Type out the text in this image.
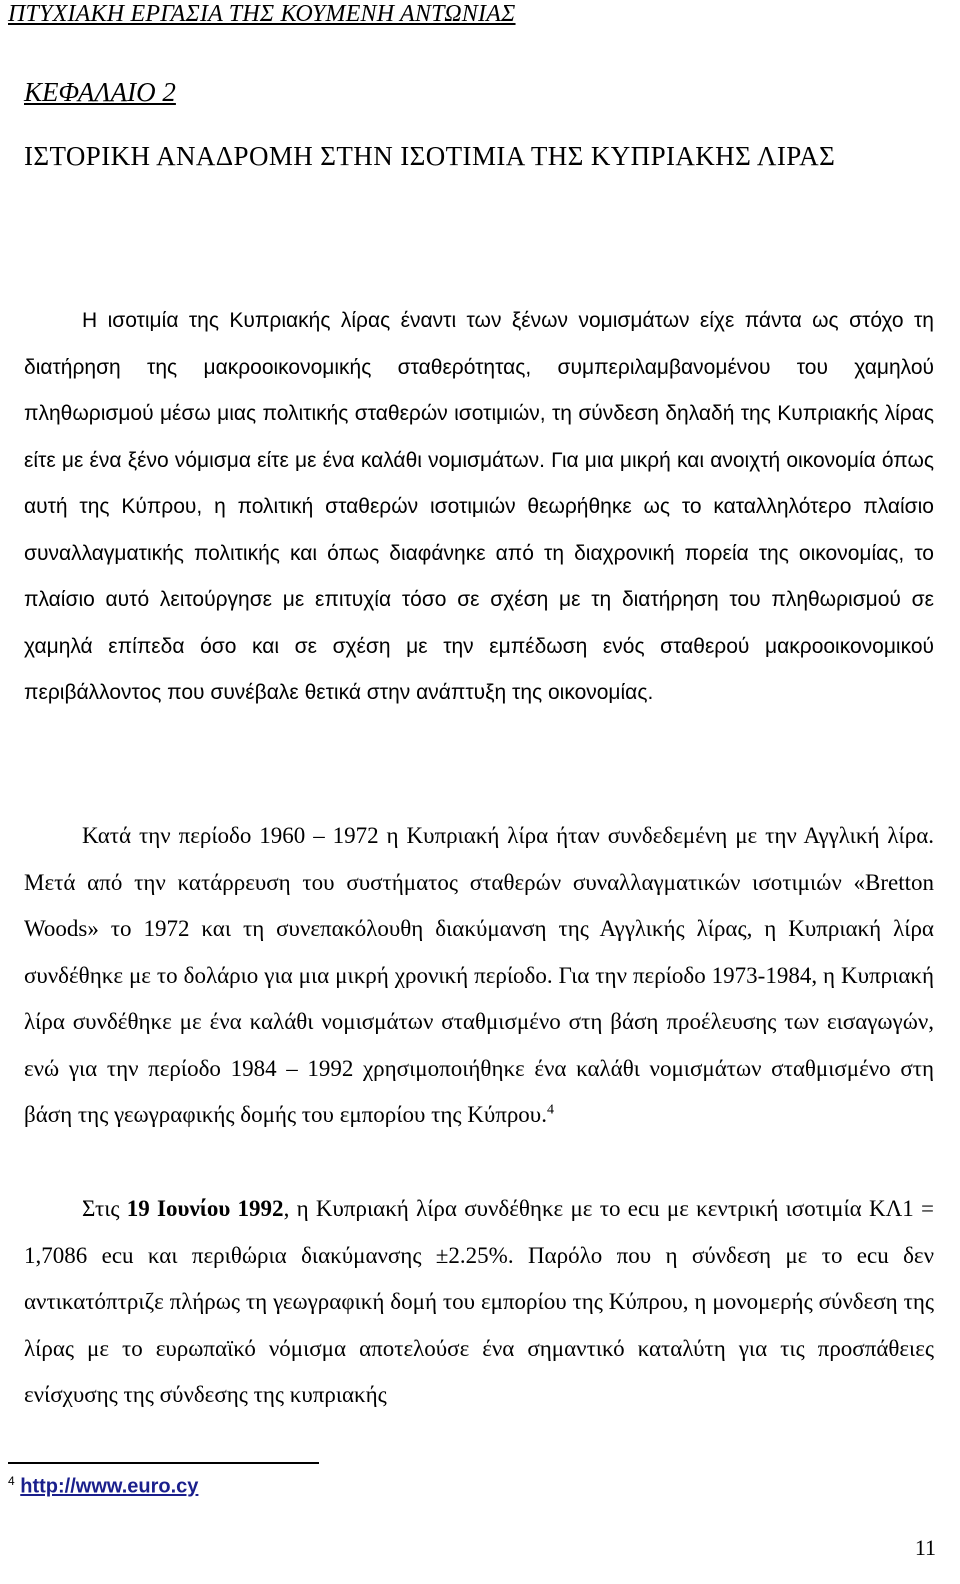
ΠΤΥΧΙΑΚΗ ΕΡΓΑΣΙΑ ΤΗΣ ΚΟΥΜΕΝΗ ΑΝΤΩΝΙΑΣ
ΚΕΦΑΛΑΙΟ 2
ΙΣΤΟΡΙΚΗ ΑΝΑΔΡΟΜΗ ΣΤΗΝ ΙΣΟΤΙΜΙΑ ΤΗΣ ΚΥΠΡΙΑΚΗΣ ΛΙΡΑΣ
Η ισοτιμία της Κυπριακής λίρας έναντι των ξένων νομισμάτων είχε πάντα ως στόχο τη διατήρηση της μακροοικονομικής σταθερότητας, συμπεριλαμβανομένου του χαμηλού πληθωρισμού μέσω μιας πολιτικής σταθερών ισοτιμιών, τη σύνδεση δηλαδή της Κυπριακής λίρας είτε με ένα ξένο νόμισμα είτε με ένα καλάθι νομισμάτων. Για μια μικρή και ανοιχτή οικονομία όπως αυτή της Κύπρου, η πολιτική σταθερών ισοτιμιών θεωρήθηκε ως το καταλληλότερο πλαίσιο συναλλαγματικής πολιτικής και όπως διαφάνηκε από τη διαχρονική πορεία της οικονομίας, το πλαίσιο αυτό λειτούργησε με επιτυχία τόσο σε σχέση με τη διατήρηση του πληθωρισμού σε χαμηλά επίπεδα όσο και σε σχέση με την εμπέδωση ενός σταθερού μακροοικονομικού περιβάλλοντος που συνέβαλε θετικά στην ανάπτυξη της οικονομίας.
Κατά την περίοδο 1960 – 1972 η Κυπριακή λίρα ήταν συνδεδεμένη με την Αγγλική λίρα. Μετά από την κατάρρευση του συστήματος σταθερών συναλλαγματικών ισοτιμιών «Bretton Woods» το 1972 και τη συνεπακόλουθη διακύμανση της Αγγλικής λίρας, η Κυπριακή λίρα συνδέθηκε με το δολάριο για μια μικρή χρονική περίοδο. Για την περίοδο 1973-1984, η Κυπριακή λίρα συνδέθηκε με ένα καλάθι νομισμάτων σταθμισμένο στη βάση προέλευσης των εισαγωγών, ενώ για την περίοδο 1984 – 1992 χρησιμοποιήθηκε ένα καλάθι νομισμάτων σταθμισμένο στη βάση της γεωγραφικής δομής του εμπορίου της Κύπρου.$^4$
Στις 19 Ιουνίου 1992, η Κυπριακή λίρα συνδέθηκε με το ecu με κεντρική ισοτιμία ΚΛ1 = 1,7086 ecu και περιθώρια διακύμανσης ±2.25%. Παρόλο που η σύνδεση με το ecu δεν αντικατόπτριζε πλήρως τη γεωγραφική δομή του εμπορίου της Κύπρου, η μονομερής σύνδεση της λίρας με το ευρωπαϊκό νόμισμα αποτελούσε ένα σημαντικό καταλύτη για τις προσπάθειες ενίσχυσης της σύνδεσης της κυπριακής
$^4$ http://www.euro.cy
11
